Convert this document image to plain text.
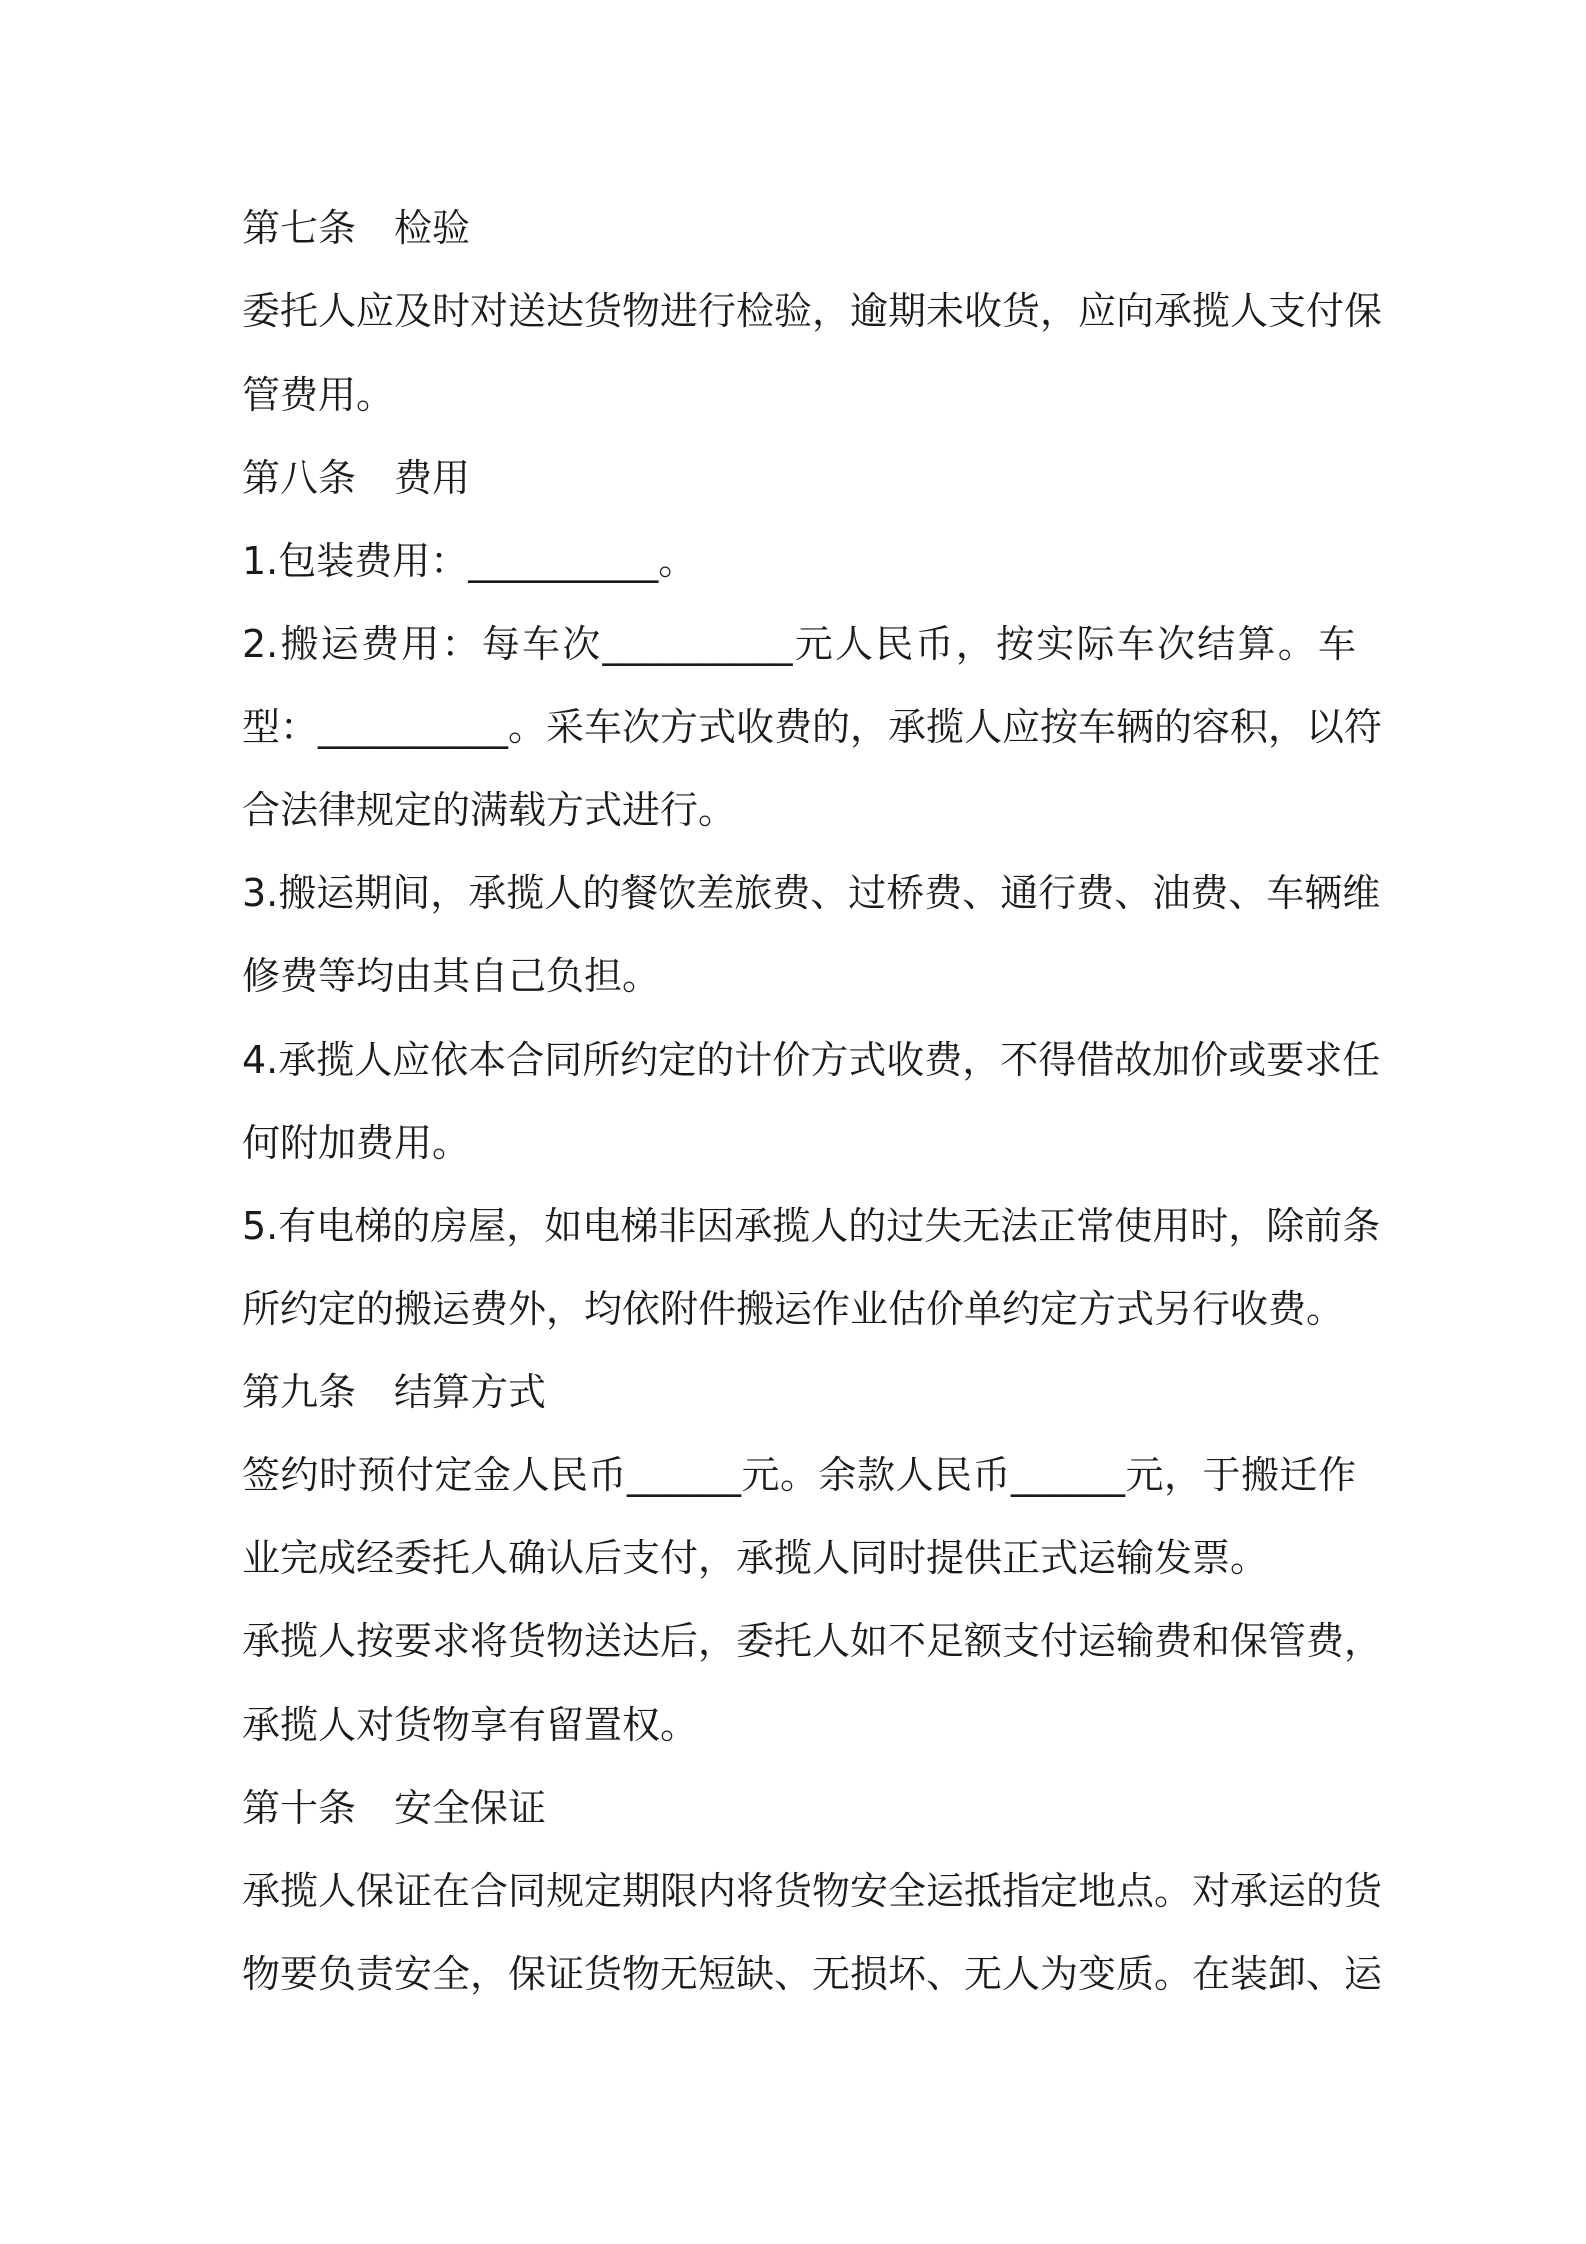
第七条　检验
委托人应及时对送达货物进行检验，逾期未收货，应向承揽人支付保
管费用。
第八条　费用
1.包装费用：__________。
2.搬运费用：每车次__________元人民币，按实际车次结算。车
型：__________。采车次方式收费的，承揽人应按车辆的容积，以符
合法律规定的满载方式进行。
3.搬运期间，承揽人的餐饮差旅费、过桥费、通行费、油费、车辆维
修费等均由其自己负担。
4.承揽人应依本合同所约定的计价方式收费，不得借故加价或要求任
何附加费用。
5.有电梯的房屋，如电梯非因承揽人的过失无法正常使用时，除前条
所约定的搬运费外，均依附件搬运作业估价单约定方式另行收费。
第九条　结算方式
签约时预付定金人民币______元。余款人民币______元，于搬迁作
业完成经委托人确认后支付，承揽人同时提供正式运输发票。
承揽人按要求将货物送达后，委托人如不足额支付运输费和保管费，
承揽人对货物享有留置权。
第十条　安全保证
承揽人保证在合同规定期限内将货物安全运抵指定地点。对承运的货
物要负责安全，保证货物无短缺、无损坏、无人为变质。在装卸、运
